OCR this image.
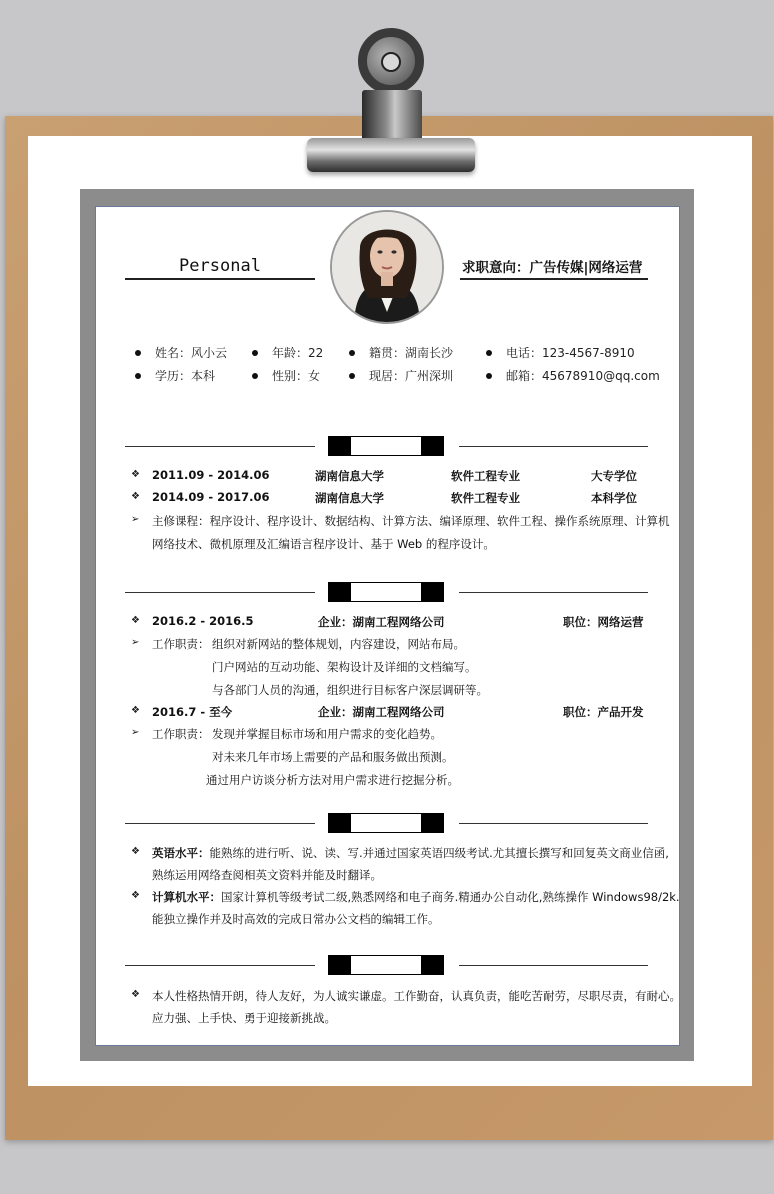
Personal	求职意向：广告传媒|网络运营
姓名：风小云	年龄：22	籍贯：湖南长沙	电话：123-4567-8910
学历：本科	性别：女	现居：广州深圳	邮箱：45678910@qq.com
❖ 2011.09 - 2014.06	湖南信息大学	软件工程专业	大专学位
❖ 2014.09 - 2017.06	湖南信息大学	软件工程专业	本科学位
➢ 主修课程：程序设计、程序设计、数据结构、计算方法、编译原理、软件工程、操作系统原理、计算机
网络技术、微机原理及汇编语言程序设计、基于 Web 的程序设计。
❖ 2016.2 - 2016.5	企业：湖南工程网络公司	职位：网络运营
➢ 工作职责： 组织对新网站的整体规划，内容建设，网站布局。
门户网站的互动功能、架构设计及详细的文档编写。
与各部门人员的沟通，组织进行目标客户深层调研等。
❖ 2016.7 - 至今	企业：湖南工程网络公司	职位：产品开发
➢ 工作职责： 发现并掌握目标市场和用户需求的变化趋势。
对未来几年市场上需要的产品和服务做出预测。
通过用户访谈分析方法对用户需求进行挖掘分析。
❖ 英语水平：能熟练的进行听、说、读、写.并通过国家英语四级考试.尤其擅长撰写和回复英文商业信函,
熟练运用网络查阅相英文资料并能及时翻译。
❖ 计算机水平：国家计算机等级考试二级,熟悉网络和电子商务.精通办公自动化,熟练操作 Windows98/2k.
能独立操作并及时高效的完成日常办公文档的编辑工作。
❖ 本人性格热情开朗，待人友好，为人诚实谦虚。工作勤奋，认真负责，能吃苦耐劳，尽职尽责，有耐心。
应力强、上手快、勇于迎接新挑战。
